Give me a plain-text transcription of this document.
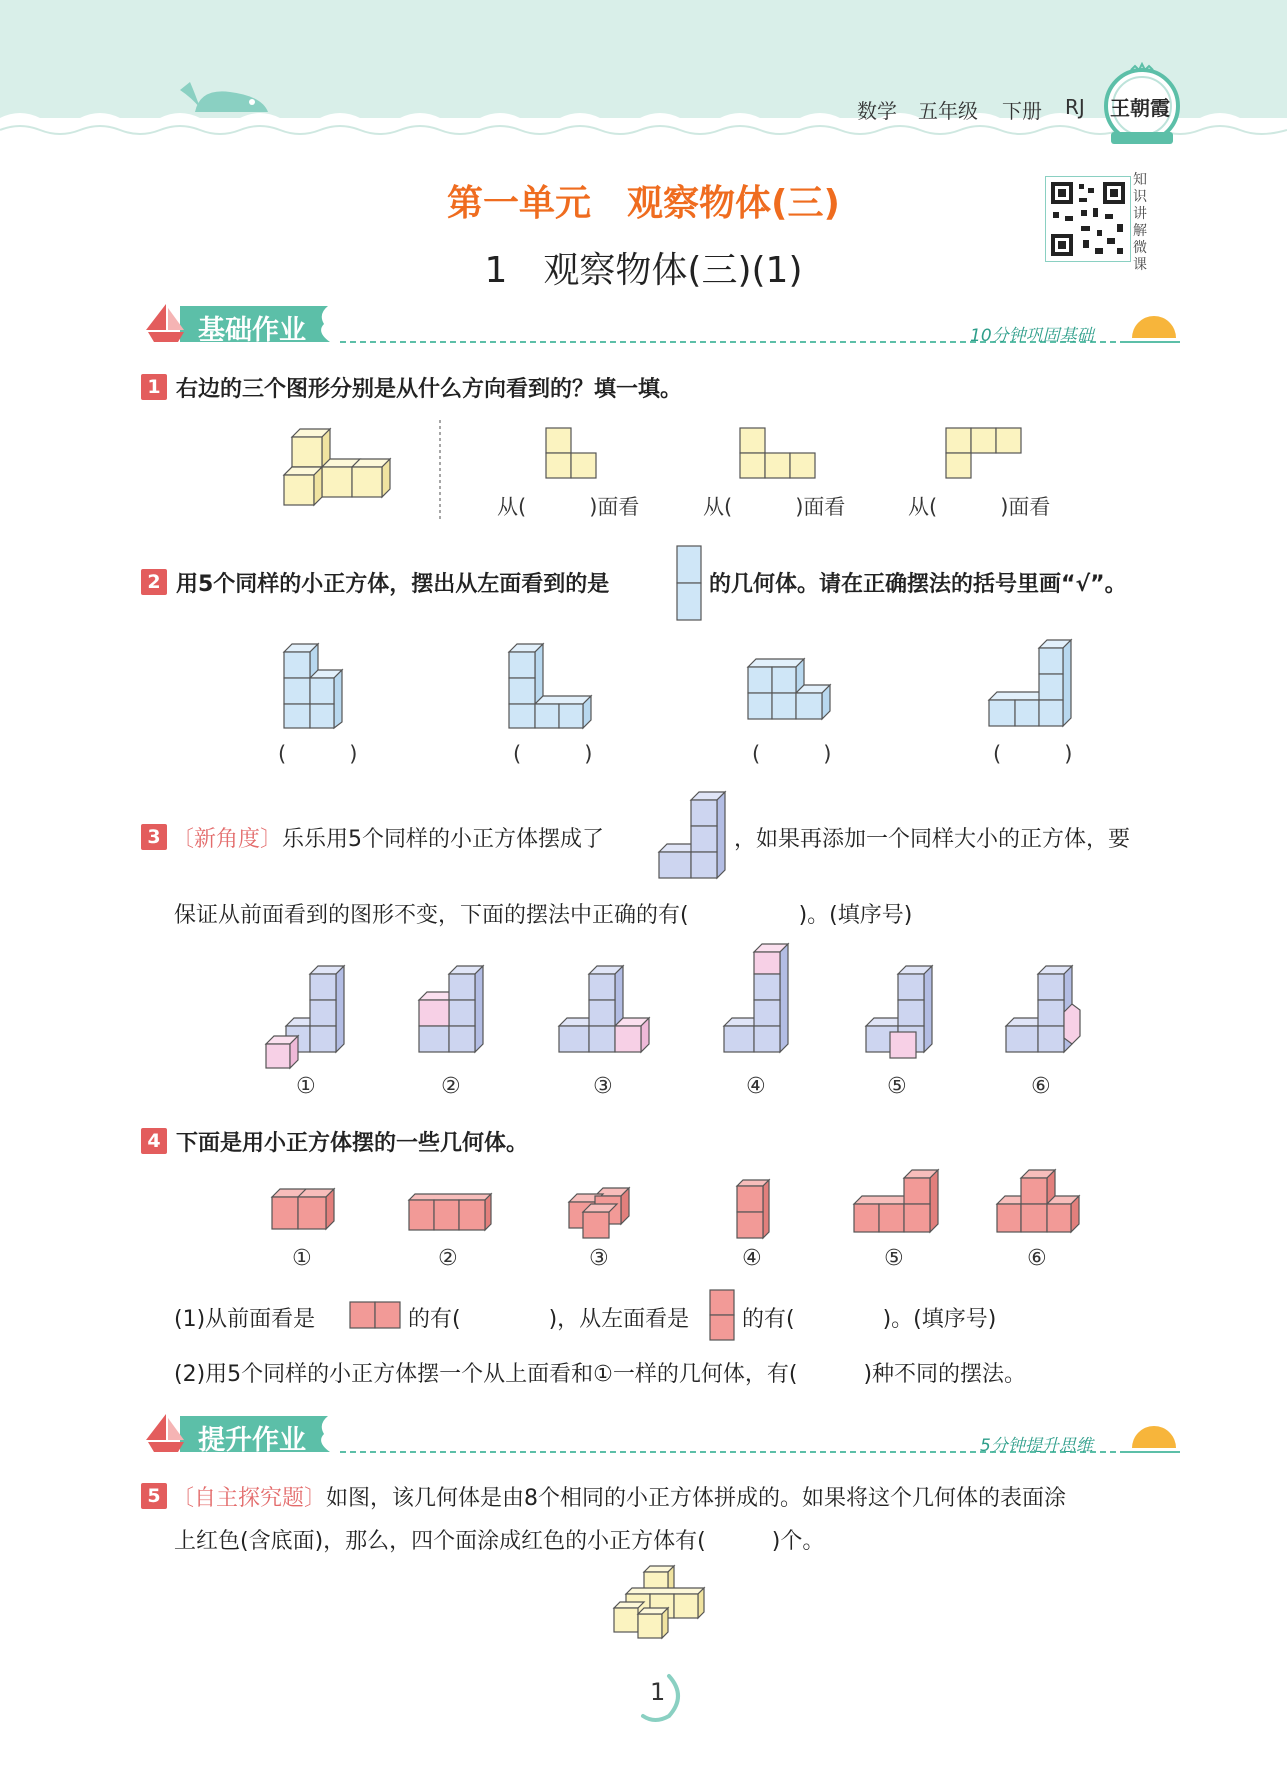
数学 五年级 下册 RJ 王朝霞
第一单元　观察物体(三)
1　观察物体(三)(1)
知识讲解微课
基础作业	10分钟巩固基础
1 右边的三个图形分别是从什么方向看到的？填一填。
从(　　　)面看	从(　　　)面看	从(　　　)面看
2 用5个同样的小正方体，摆出从左面看到的是	的几何体。请在正确摆法的括号里画“√”。
(　　　)	(　　　)	(　　　)	(　　　)
3 〔新角度〕乐乐用5个同样的小正方体摆成了	，如果再添加一个同样大小的正方体，要
保证从前面看到的图形不变，下面的摆法中正确的有(　　　　　)。(填序号)
①	②	③	④	⑤	⑥
4 下面是用小正方体摆的一些几何体。
①	②	③	④	⑤	⑥
(1)从前面看是	的有(　　　　)，从左面看是 的有(　　　　)。(填序号)
(2)用5个同样的小正方体摆一个从上面看和①一样的几何体，有(　　　)种不同的摆法。
提升作业	5分钟提升思维
5 〔自主探究题〕如图，该几何体是由8个相同的小正方体拼成的。如果将这个几何体的表面涂
上红色(含底面)，那么，四个面涂成红色的小正方体有(　　　)个。
1
